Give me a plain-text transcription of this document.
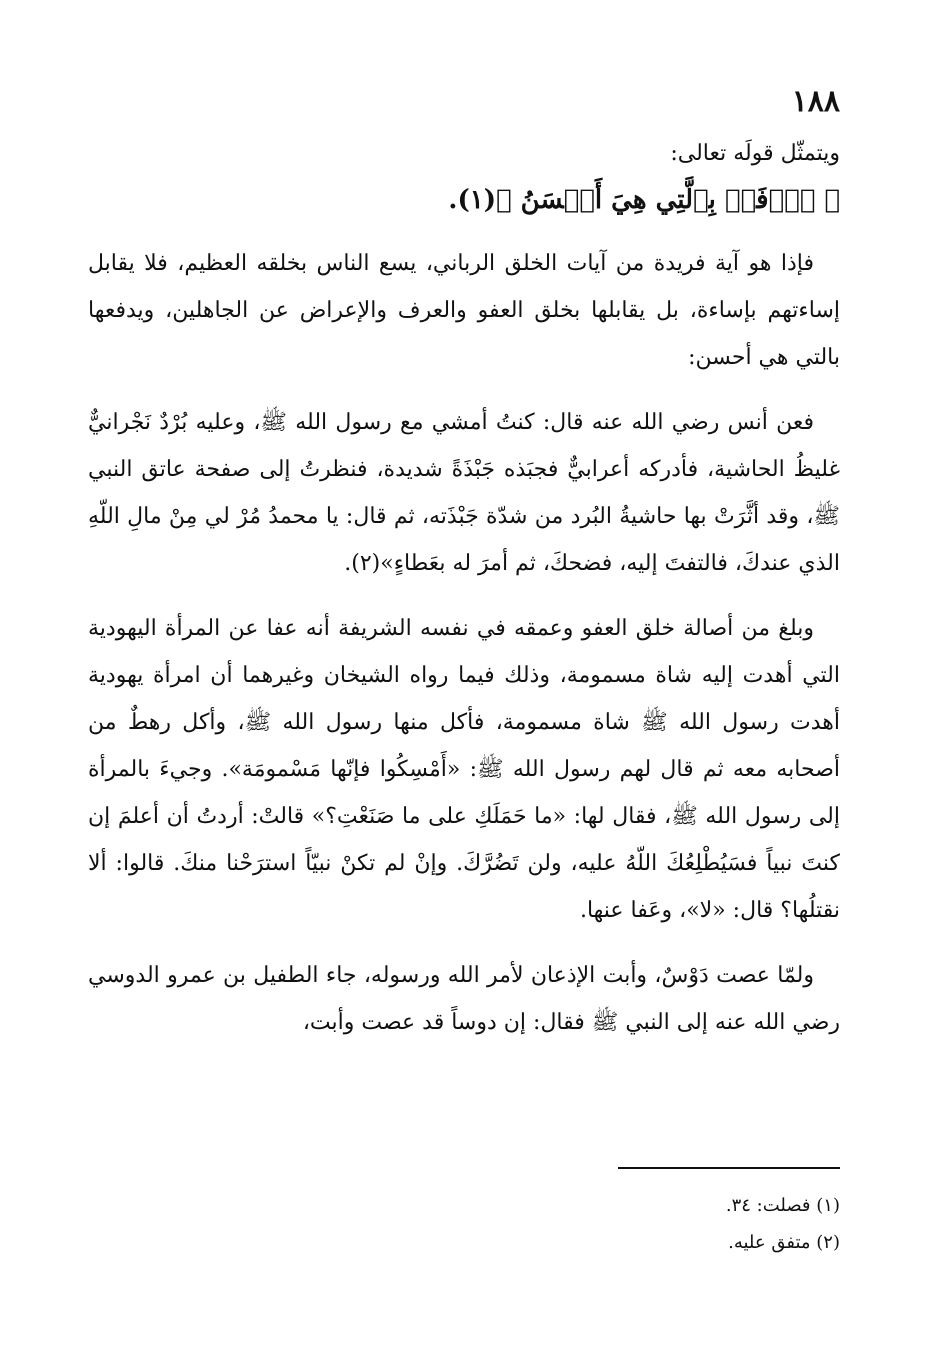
١٨٨

ويتمثّل قولَه تعالى:

﴿ ٱدۡفَعۡ بِٱلَّتِي هِيَ أَحۡسَنُ ﴾(١).

فإذا هو آية فريدة من آيات الخلق الرباني، يسع الناس بخلقه العظيم، فلا يقابل إساءتهم بإساءة، بل يقابلها بخلق العفو والعرف والإعراض عن الجاهلين، ويدفعها بالتي هي أحسن:

فعن أنس رضي الله عنه قال: كنتُ أمشي مع رسول الله ﷺ، وعليه بُرْدٌ نَجْرانيٌّ غليظُ الحاشية، فأدركه أعرابيٌّ فجبَذه جَبْذَةً شديدة، فنظرتُ إلى صفحة عاتق النبي ﷺ، وقد أثَّرَتْ بها حاشيةُ البُرد من شدّة جَبْذَته، ثم قال: يا محمدُ مُرْ لي مِنْ مالِ اللّهِ الذي عندكَ، فالتفتَ إليه، فضحكَ، ثم أمرَ له بعَطاءٍ»(٢).

وبلغ من أصالة خلق العفو وعمقه في نفسه الشريفة أنه عفا عن المرأة اليهودية التي أهدت إليه شاة مسمومة، وذلك فيما رواه الشيخان وغيرهما أن امرأة يهودية أهدت رسول الله ﷺ شاة مسمومة، فأكل منها رسول الله ﷺ، وأكل رهطٌ من أصحابه معه ثم قال لهم رسول الله ﷺ: «أَمْسِكُوا فإنّها مَسْمومَة». وجيءَ بالمرأة إلى رسول الله ﷺ، فقال لها: «ما حَمَلَكِ على ما صَنَعْتِ؟» قالتْ: أردتُ أن أعلمَ إن كنتَ نبياً فسَيُطْلِعُكَ اللّهُ عليه، ولن تَضُرَّكَ. وإنْ لم تكنْ نبيّاً استرَحْنا منكَ. قالوا: ألا نقتلُها؟ قال: «لا»، وعَفا عنها.

ولمّا عصت دَوْسٌ، وأبت الإذعان لأمر الله ورسوله، جاء الطفيل بن عمرو الدوسي رضي الله عنه إلى النبي ﷺ فقال: إن دوساً قد عصت وأبت،

(١) فصلت: ٣٤.
(٢) متفق عليه.
